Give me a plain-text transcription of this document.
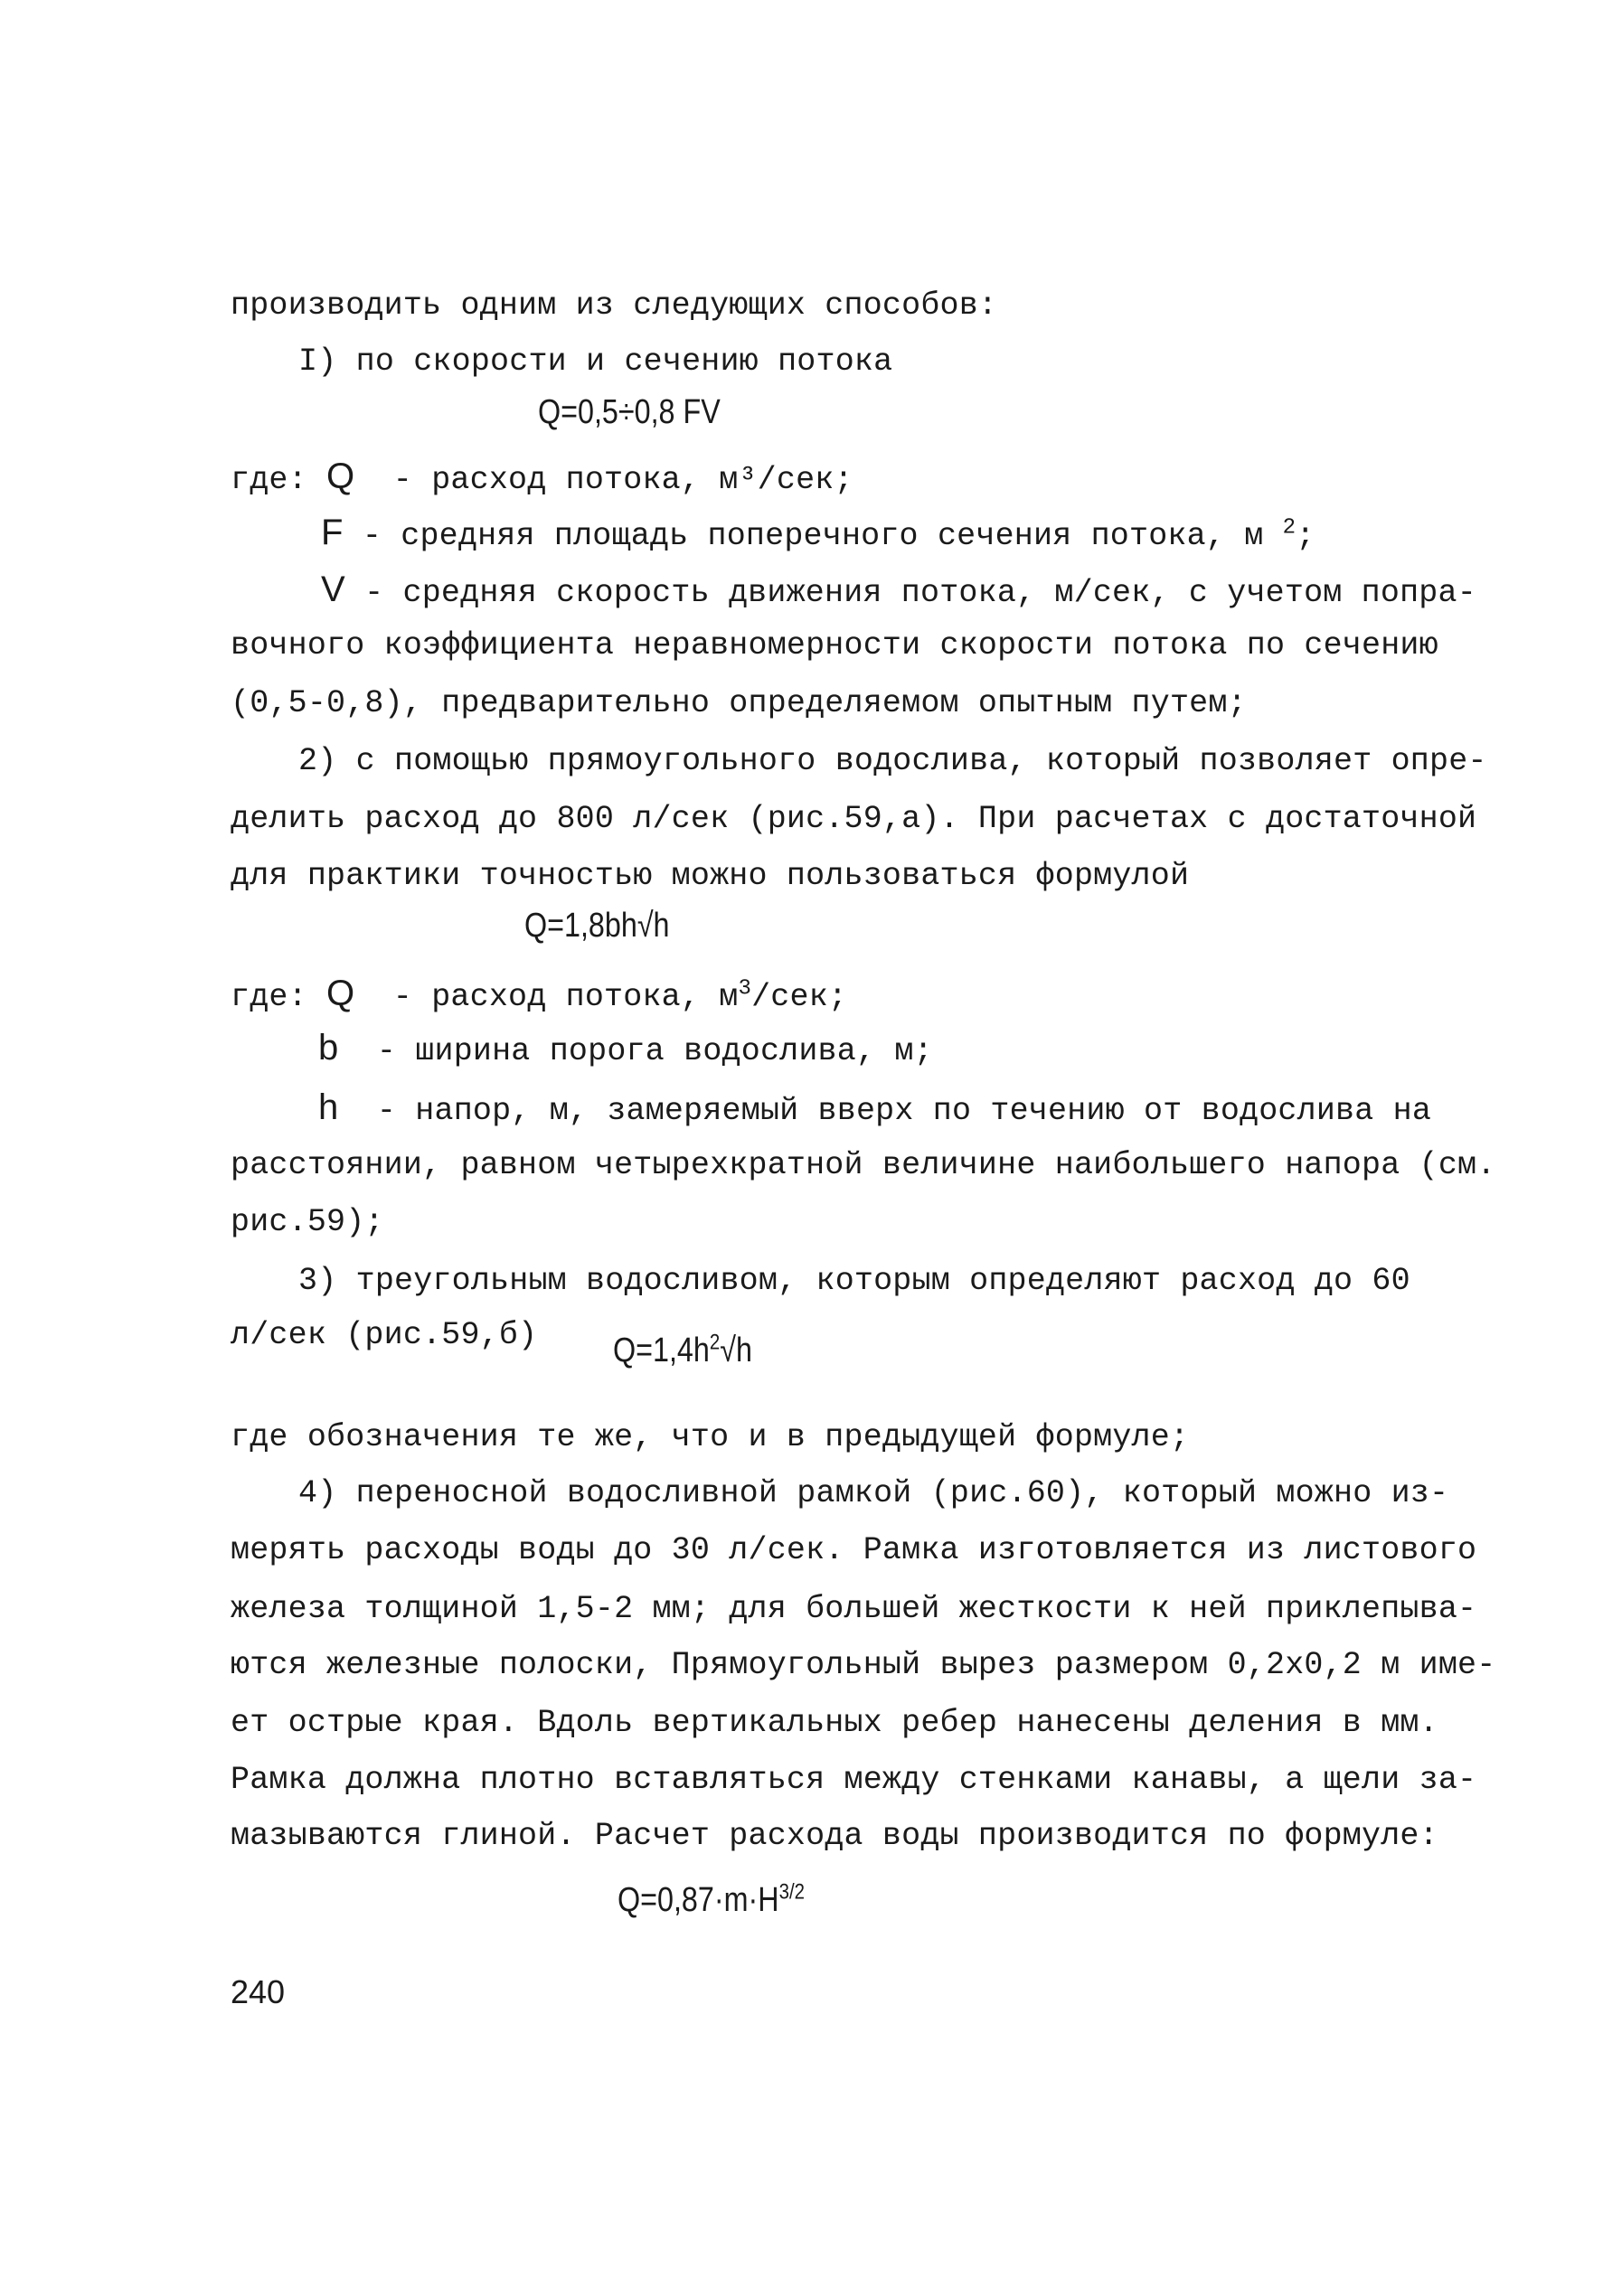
производить одним из следующих способов:
I) по скорости и сечению потока
Q=0,5÷0,8 FV
где: Q - расход потока, м³/сек;
F - средняя площадь поперечного сечения потока, м $^2$;
V - средняя скорость движения потока, м/сек, с учетом попра-
вочного коэффициента неравномерности скорости потока по сечению
(0,5-0,8), предварительно определяемом опытным путем;
2) с помощью прямоугольного водослива, который позволяет опре-
делить расход до 800 л/сек (рис.59,а). При расчетах с достаточной
для практики точностью можно пользоваться формулой
Q=1,8bh√h
где: Q - расход потока, $м^3$/сек;
b - ширина порога водослива, м;
h - напор, м, замеряемый вверх по течению от водослива на
расстоянии, равном четырехкратной величине наибольшего напора (см.
рис.59);
3) треугольным водосливом, которым определяют расход до 60
л/сек (рис.59,б) $Q=1,4h^2√h$
где обозначения те же, что и в предыдущей формуле;
4) переносной водосливной рамкой (рис.60), который можно из-
мерять расходы воды до 30 л/сек. Рамка изготовляется из листового
железа толщиной 1,5-2 мм; для большей жесткости к ней приклепыва-
ются железные полоски, Прямоугольный вырез размером 0,2х0,2 м име-
ет острые края. Вдоль вертикальных ребер нанесены деления в мм.
Рамка должна плотно вставляться между стенками канавы, а щели за-
мазываются глиной. Расчет расхода воды производится по формуле:
$Q=0,87\cdot m\cdot H^{3/2}$
240
